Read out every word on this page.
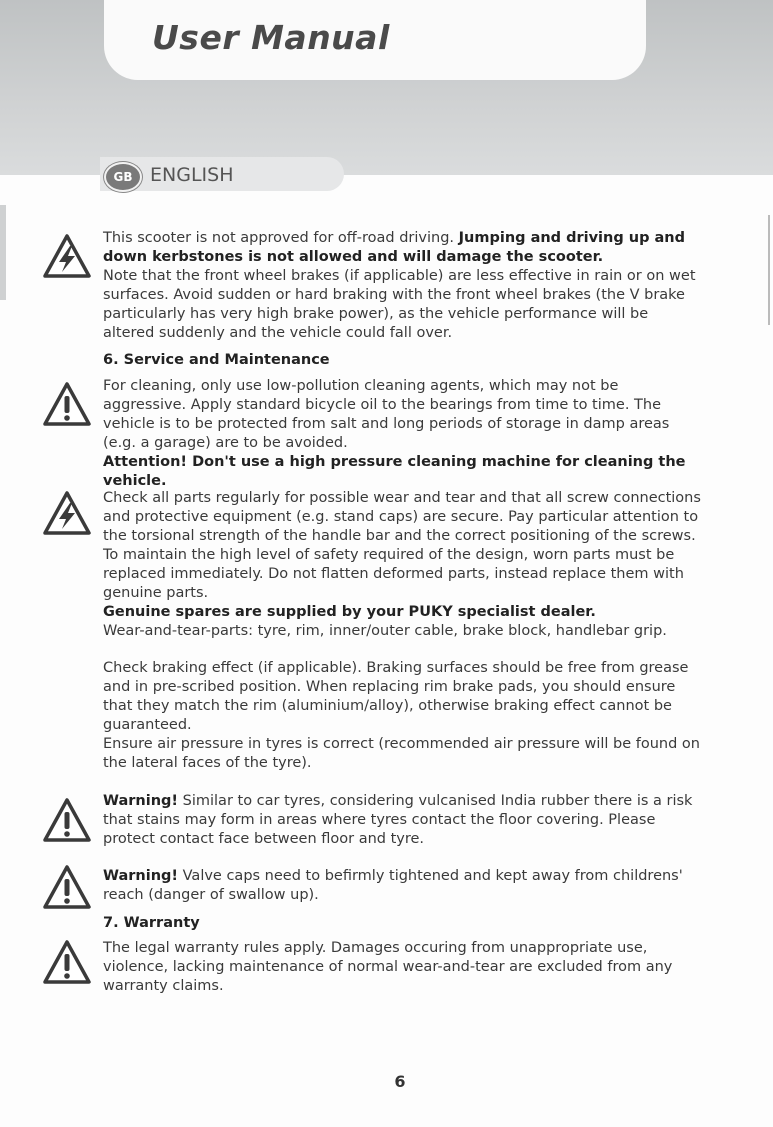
User Manual
GB ENGLISH

This scooter is not approved for off-road driving. Jumping and driving up and down kerbstones is not allowed and will damage the scooter.

Note that the front wheel brakes (if applicable) are less effective in rain or on wet surfaces. Avoid sudden or hard braking with the front wheel brakes (the V brake particularly has very high brake power), as the vehicle performance will be altered suddenly and the vehicle could fall over.

6. Service and Maintenance

For cleaning, only use low-pollution cleaning agents, which may not be aggressive. Apply standard bicycle oil to the bearings from time to time. The vehicle is to be protected from salt and long periods of storage in damp areas (e.g. a garage) are to be avoided.

Attention! Don't use a high pressure cleaning machine for cleaning the vehicle.

Check all parts regularly for possible wear and tear and that all screw connections and protective equipment (e.g. stand caps) are secure. Pay particular attention to the torsional strength of the handle bar and the correct positioning of the screws. To maintain the high level of safety required of the design, worn parts must be replaced immediately. Do not flatten deformed parts, instead replace them with genuine parts.

Genuine spares are supplied by your PUKY specialist dealer.

Wear-and-tear-parts: tyre, rim, inner/outer cable, brake block, handlebar grip.

Check braking effect (if applicable). Braking surfaces should be free from grease and in pre-scribed position. When replacing rim brake pads, you should ensure that they match the rim (aluminium/alloy), otherwise braking effect cannot be guaranteed.

Ensure air pressure in tyres is correct (recommended air pressure will be found on the lateral faces of the tyre).

Warning! Similar to car tyres, considering vulcanised India rubber there is a risk that stains may form in areas where tyres contact the floor covering. Please protect contact face between floor and tyre.

Warning! Valve caps need to befirmly tightened and kept away from childrens' reach (danger of swallow up).

7. Warranty

The legal warranty rules apply. Damages occuring from unappropriate use, violence, lacking maintenance of normal wear-and-tear are excluded from any warranty claims.

6
